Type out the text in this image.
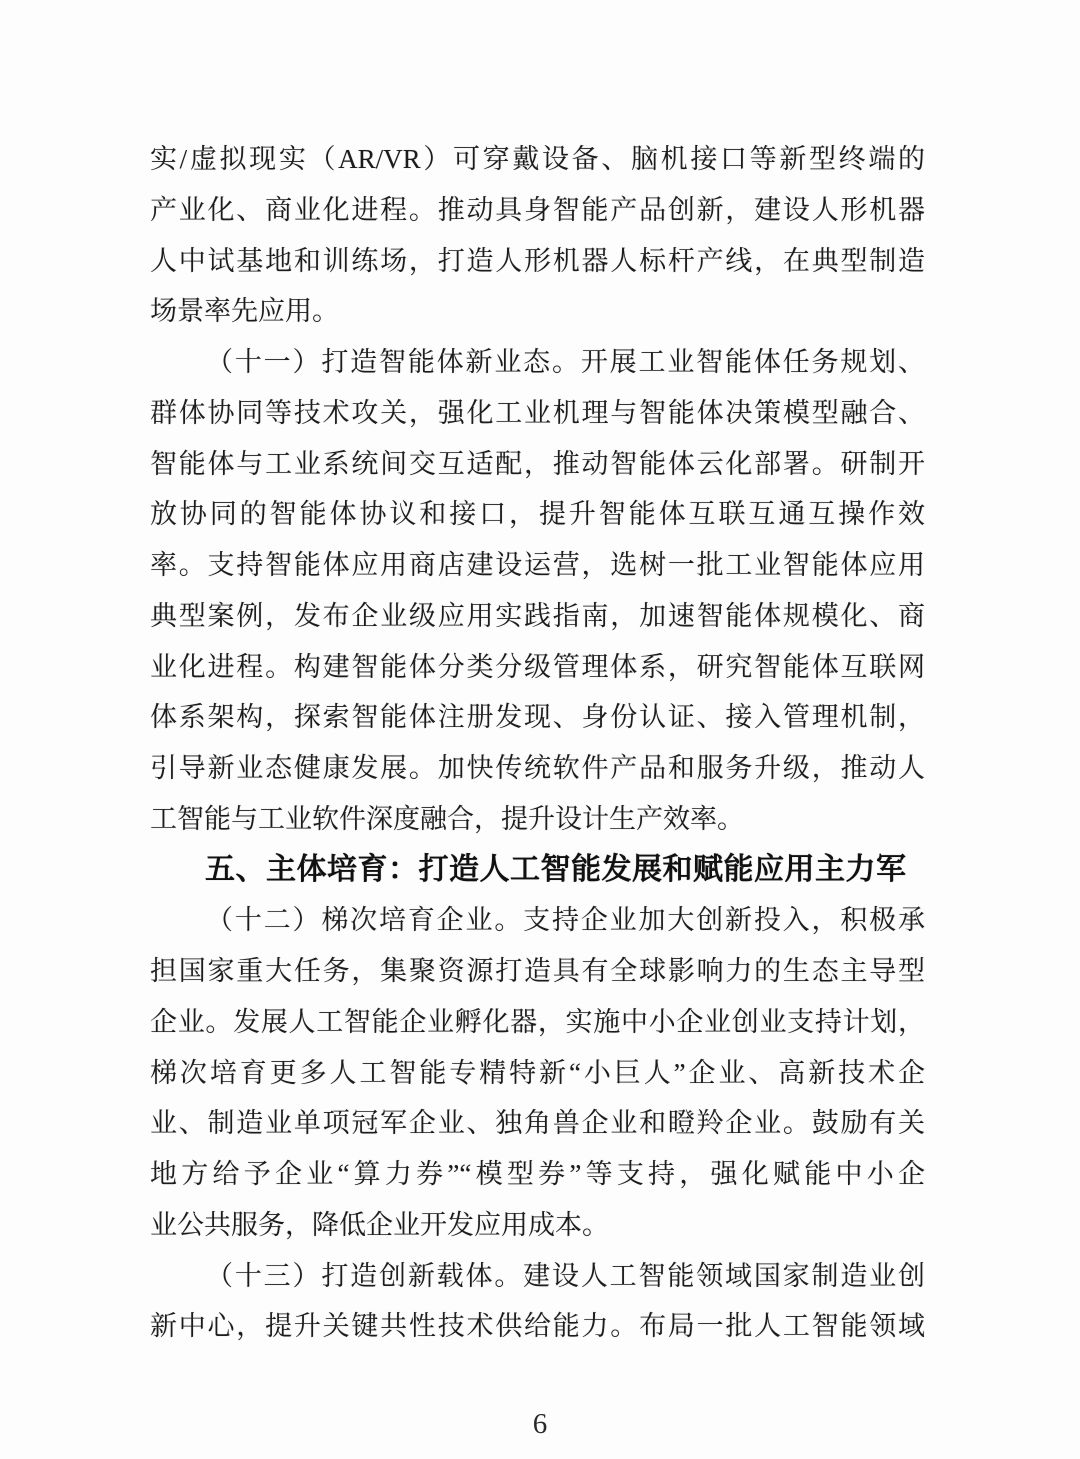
实/虚拟现实（AR/VR）可穿戴设备、脑机接口等新型终端的
产业化、商业化进程。推动具身智能产品创新，建设人形机器
人中试基地和训练场，打造人形机器人标杆产线，在典型制造
场景率先应用。
（十一）打造智能体新业态。开展工业智能体任务规划、
群体协同等技术攻关，强化工业机理与智能体决策模型融合、
智能体与工业系统间交互适配，推动智能体云化部署。研制开
放协同的智能体协议和接口，提升智能体互联互通互操作效
率。支持智能体应用商店建设运营，选树一批工业智能体应用
典型案例，发布企业级应用实践指南，加速智能体规模化、商
业化进程。构建智能体分类分级管理体系，研究智能体互联网
体系架构，探索智能体注册发现、身份认证、接入管理机制，
引导新业态健康发展。加快传统软件产品和服务升级，推动人
工智能与工业软件深度融合，提升设计生产效率。
五、主体培育：打造人工智能发展和赋能应用主力军
（十二）梯次培育企业。支持企业加大创新投入，积极承
担国家重大任务，集聚资源打造具有全球影响力的生态主导型
企业。发展人工智能企业孵化器，实施中小企业创业支持计划，
梯次培育更多人工智能专精特新“小巨人”企业、高新技术企
业、制造业单项冠军企业、独角兽企业和瞪羚企业。鼓励有关
地方给予企业“算力券”“模型券”等支持，强化赋能中小企
业公共服务，降低企业开发应用成本。
（十三）打造创新载体。建设人工智能领域国家制造业创
新中心，提升关键共性技术供给能力。布局一批人工智能领域
6
